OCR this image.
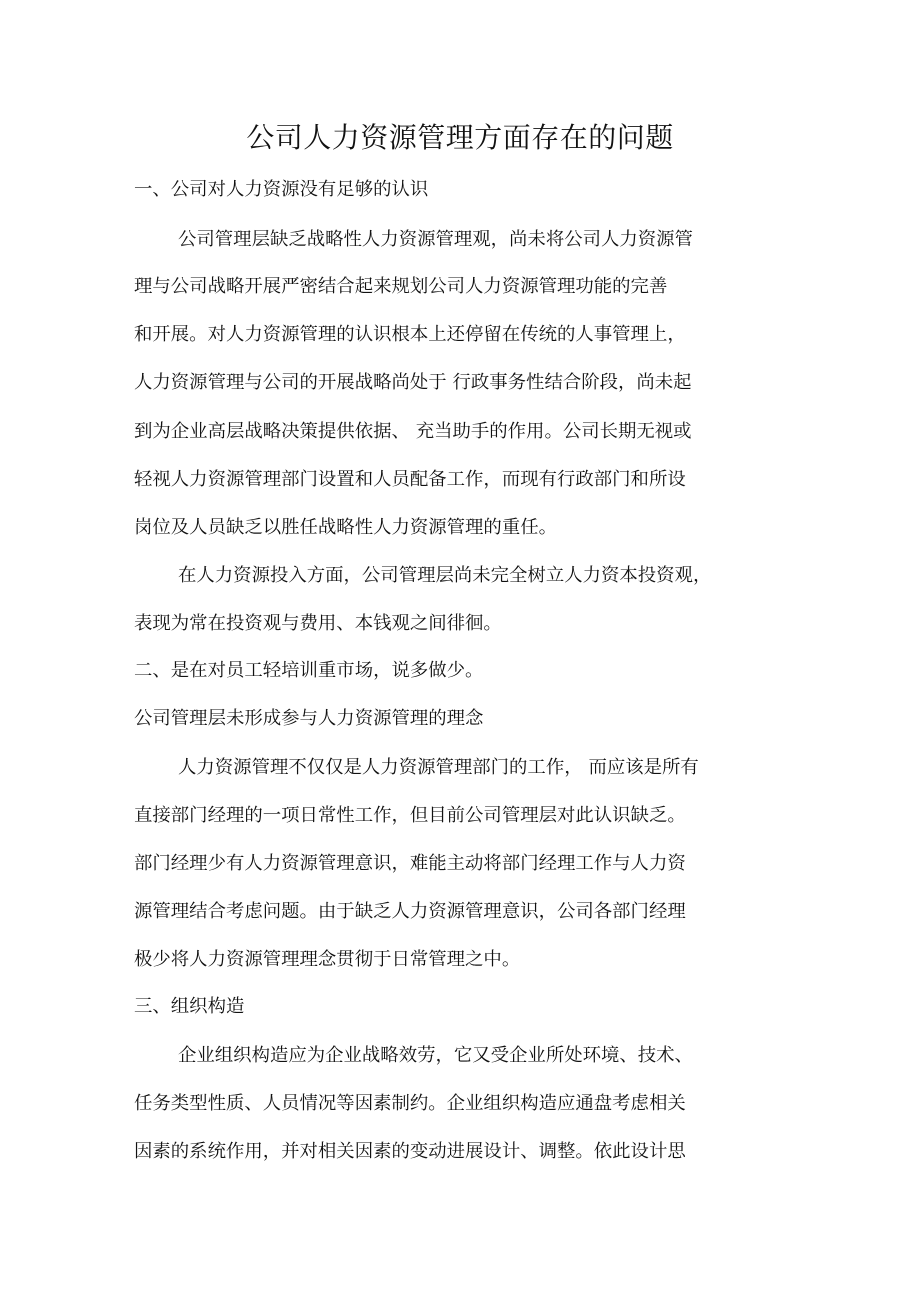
公司人力资源管理方面存在的问题
一、公司对人力资源没有足够的认识
公司管理层缺乏战略性人力资源管理观，尚未将公司人力资源管
理与公司战略开展严密结合起来规划公司人力资源管理功能的完善
和开展。对人力资源管理的认识根本上还停留在传统的人事管理上，
人力资源管理与公司的开展战略尚处于 行政事务性结合阶段，尚未起
到为企业高层战略决策提供依据、 充当助手的作用。公司长期无视或
轻视人力资源管理部门设置和人员配备工作，而现有行政部门和所设
岗位及人员缺乏以胜任战略性人力资源管理的重任。
在人力资源投入方面，公司管理层尚未完全树立人力资本投资观，
表现为常在投资观与费用、本钱观之间徘徊。
二、是在对员工轻培训重市场，说多做少。
公司管理层未形成参与人力资源管理的理念
人力资源管理不仅仅是人力资源管理部门的工作， 而应该是所有
直接部门经理的一项日常性工作，但目前公司管理层对此认识缺乏。
部门经理少有人力资源管理意识，难能主动将部门经理工作与人力资
源管理结合考虑问题。由于缺乏人力资源管理意识，公司各部门经理
极少将人力资源管理理念贯彻于日常管理之中。
三、组织构造
企业组织构造应为企业战略效劳，它又受企业所处环境、技术、
任务类型性质、人员情况等因素制约。企业组织构造应通盘考虑相关
因素的系统作用，并对相关因素的变动进展设计、调整。依此设计思
